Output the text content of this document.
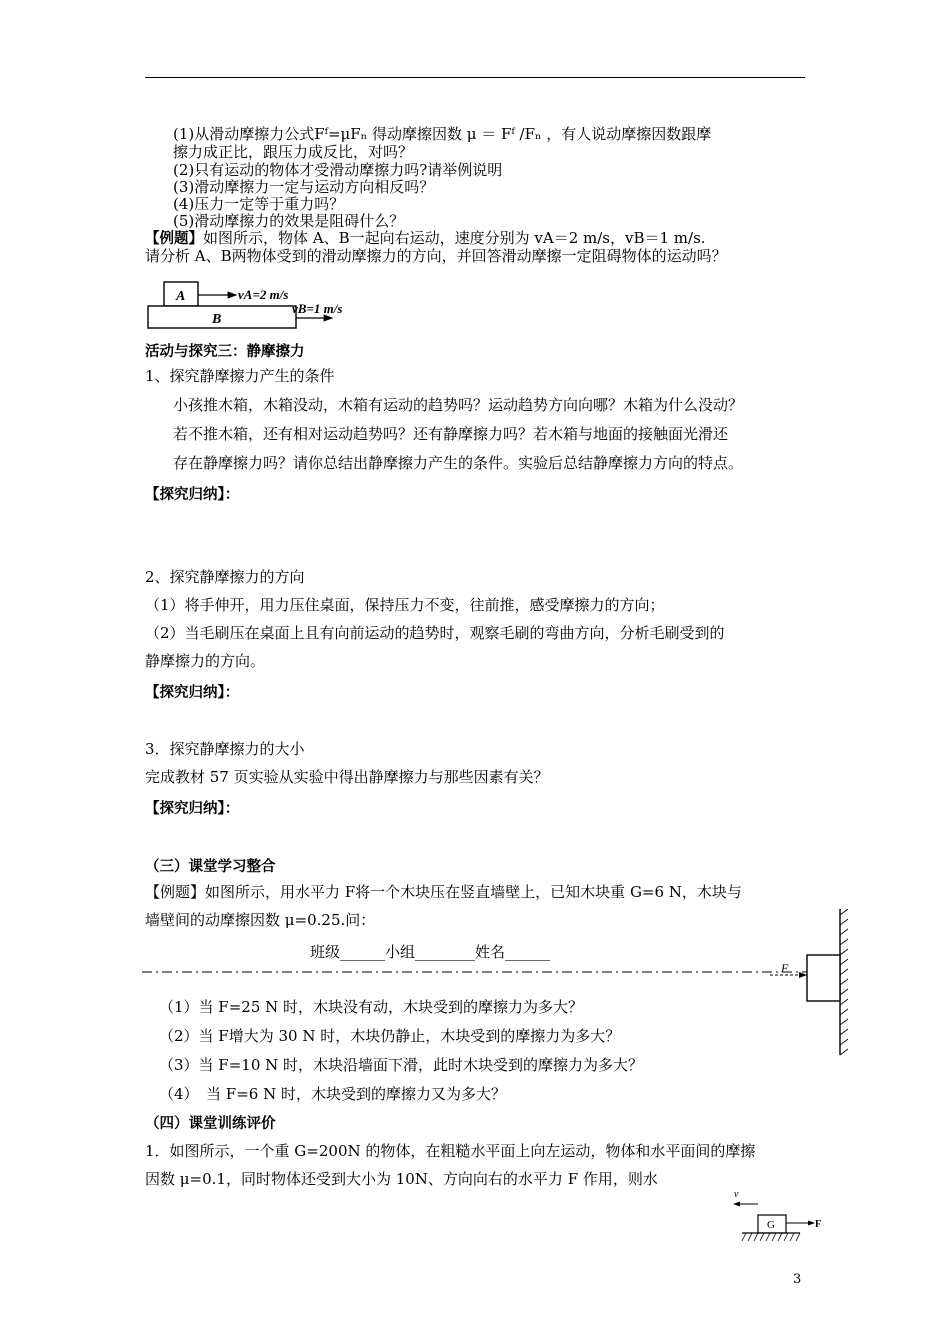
(1)从滑动摩擦力公式Fᶠ=μFₙ 得动摩擦因数 μ ＝ Fᶠ /Fₙ ，有人说动摩擦因数跟摩
擦力成正比，跟压力成反比，对吗？
(2)只有运动的物体才受滑动摩擦力吗?请举例说明
(3)滑动摩擦力一定与运动方向相反吗？
(4)压力一定等于重力吗？
(5)滑动摩擦力的效果是阻碍什么？
【例题】如图所示，物体 A、B一起向右运动，速度分别为 vA＝2 m/s，vB＝1 m/s.
请分析 A、B两物体受到的滑动摩擦力的方向，并回答滑动摩擦一定阻碍物体的运动吗？
A
B
vA=2 m/s
vB=1 m/s
活动与探究三：静摩擦力
1、探究静摩擦力产生的条件
小孩推木箱，木箱没动，木箱有运动的趋势吗？运动趋势方向向哪？木箱为什么没动？
若不推木箱，还有相对运动趋势吗？还有静摩擦力吗？若木箱与地面的接触面光滑还
存在静摩擦力吗？请你总结出静摩擦力产生的条件。实验后总结静摩擦力方向的特点。
【探究归纳】：
2、探究静摩擦力的方向
（1）将手伸开，用力压住桌面，保持压力不变，往前推，感受摩擦力的方向；
（2）当毛刷压在桌面上且有向前运动的趋势时，观察毛刷的弯曲方向，分析毛刷受到的
静摩擦力的方向。
【探究归纳】：
3．探究静摩擦力的大小
完成教材 57 页实验从实验中得出静摩擦力与那些因素有关？
【探究归纳】：
（三）课堂学习整合
【例题】如图所示，用水平力 F将一个木块压在竖直墙壁上，已知木块重 G=6 N，木块与
墙壁间的动摩擦因数 μ=0.25.问：
班级______小组________姓名______
F
（1）当 F=25 N 时，木块没有动，木块受到的摩擦力为多大？
（2）当 F增大为 30 N 时，木块仍静止，木块受到的摩擦力为多大？
（3）当 F=10 N 时，木块沿墙面下滑，此时木块受到的摩擦力为多大？
（4）　当 F=6 N 时，木块受到的摩擦力又为多大？
（四）课堂训练评价
1．如图所示，一个重 G=200N 的物体，在粗糙水平面上向左运动，物体和水平面间的摩擦
因数 μ=0.1，同时物体还受到大小为 10N、方向向右的水平力 F 作用，则水
v
G	F
3
